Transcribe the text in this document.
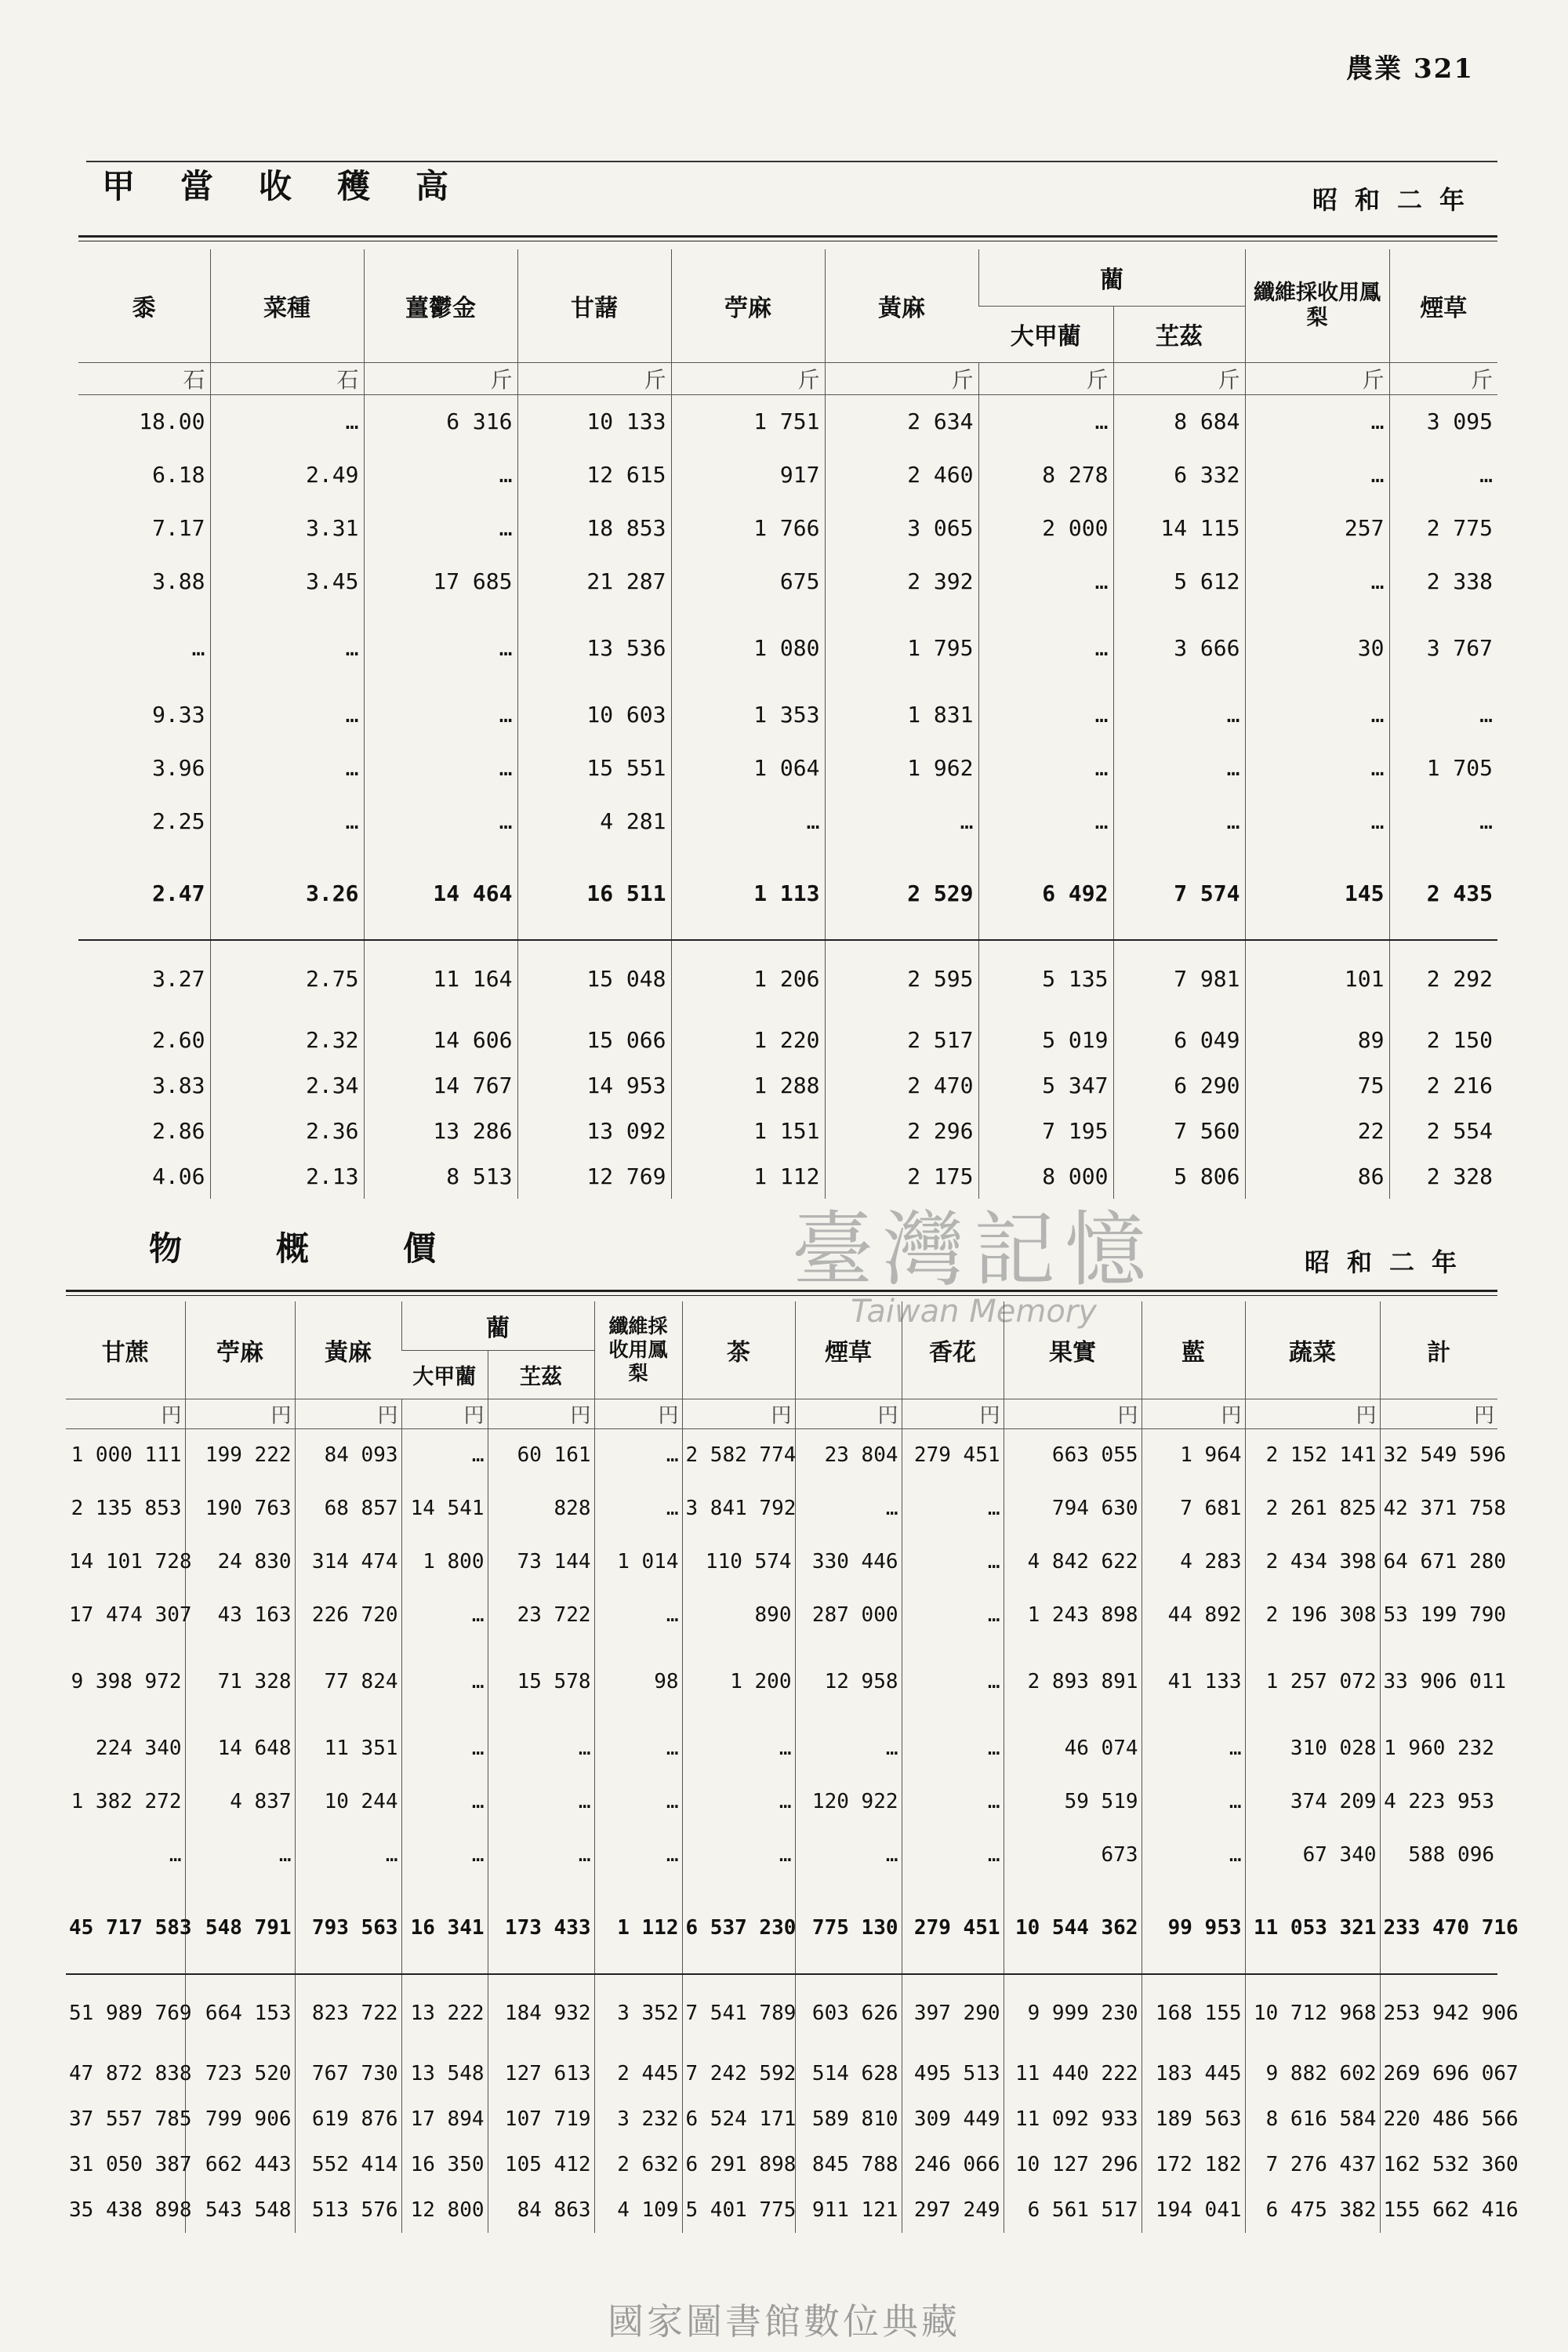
農業 321
甲當收穫高	昭和二年
黍	菜種	薑鬱金	甘藷	苧麻	黃麻	藺		纖維採收用鳳梨	煙草
						大甲藺	芏茲		
石	石	斤	斤	斤	斤	斤	斤	斤	斤
18.00	…	6 316	10 133	1 751	2 634	…	8 684	…	3 095
6.18	2.49	…	12 615	917	2 460	8 278	6 332	…	…
7.17	3.31	…	18 853	1 766	3 065	2 000	14 115	257	2 775
3.88	3.45	17 685	21 287	675	2 392	…	5 612	…	2 338
…	…	…	13 536	1 080	1 795	…	3 666	30	3 767
9.33	…	…	10 603	1 353	1 831	…	…	…	…
3.96	…	…	15 551	1 064	1 962	…	…	…	1 705
2.25	…	…	4 281	…	…	…	…	…	…
2.47	3.26	14 464	16 511	1 113	2 529	6 492	7 574	145	2 435
3.27	2.75	11 164	15 048	1 206	2 595	5 135	7 981	101	2 292
2.60	2.32	14 606	15 066	1 220	2 517	5 019	6 049	89	2 150
3.83	2.34	14 767	14 953	1 288	2 470	5 347	6 290	75	2 216
2.86	2.36	13 286	13 092	1 151	2 296	7 195	7 560	22	2 554
4.06	2.13	8 513	12 769	1 112	2 175	8 000	5 806	86	2 328
物概價	昭和二年
臺灣記憶
Taiwan Memory
甘蔗	苧麻	黃麻	藺		纖維採收用鳳梨	茶	煙草	香花	果實	藍	蔬菜	計
			大甲藺	芏茲								
円	円	円	円	円	円	円	円	円	円	円	円	円
1 000 111	199 222	84 093	…	60 161	…	2 582 774	23 804	279 451	663 055	1 964	2 152 141	32 549 596
2 135 853	190 763	68 857	14 541	828	…	3 841 792	…	…	794 630	7 681	2 261 825	42 371 758
14 101 728	24 830	314 474	1 800	73 144	1 014	110 574	330 446	…	4 842 622	4 283	2 434 398	64 671 280
17 474 307	43 163	226 720	…	23 722	…	890	287 000	…	1 243 898	44 892	2 196 308	53 199 790
9 398 972	71 328	77 824	…	15 578	98	1 200	12 958	…	2 893 891	41 133	1 257 072	33 906 011
224 340	14 648	11 351	…	…	…	…	…	…	46 074	…	310 028	1 960 232
1 382 272	4 837	10 244	…	…	…	…	120 922	…	59 519	…	374 209	4 223 953
…	…	…	…	…	…	…	…	…	673	…	67 340	588 096
45 717 583	548 791	793 563	16 341	173 433	1 112	6 537 230	775 130	279 451	10 544 362	99 953	11 053 321	233 470 716
51 989 769	664 153	823 722	13 222	184 932	3 352	7 541 789	603 626	397 290	9 999 230	168 155	10 712 968	253 942 906
47 872 838	723 520	767 730	13 548	127 613	2 445	7 242 592	514 628	495 513	11 440 222	183 445	9 882 602	269 696 067
37 557 785	799 906	619 876	17 894	107 719	3 232	6 524 171	589 810	309 449	11 092 933	189 563	8 616 584	220 486 566
31 050 387	662 443	552 414	16 350	105 412	2 632	6 291 898	845 788	246 066	10 127 296	172 182	7 276 437	162 532 360
35 438 898	543 548	513 576	12 800	84 863	4 109	5 401 775	911 121	297 249	6 561 517	194 041	6 475 382	155 662 416
國家圖書館數位典藏
